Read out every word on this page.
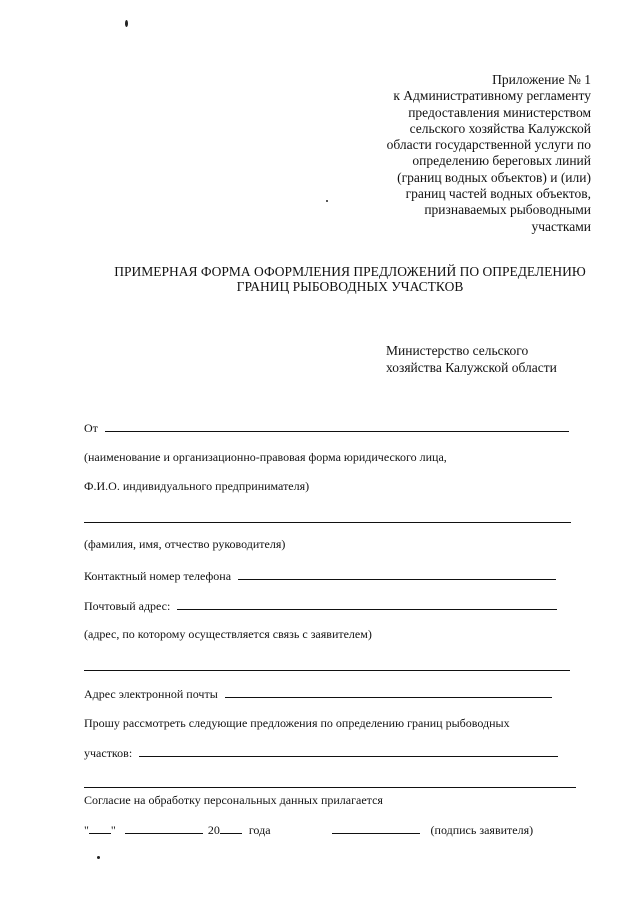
Приложение № 1
к Административному регламенту
предоставления министерством
сельского хозяйства Калужской
области государственной услуги по
определению береговых линий
(границ водных объектов) и (или)
границ частей водных объектов,
признаваемых рыбоводными
участками
ПРИМЕРНАЯ ФОРМА ОФОРМЛЕНИЯ ПРЕДЛОЖЕНИЙ ПО ОПРЕДЕЛЕНИЮ
ГРАНИЦ РЫБОВОДНЫХ УЧАСТКОВ
Министерство сельского
хозяйства Калужской области
От
(наименование и организационно-правовая форма юридического лица,
Ф.И.О. индивидуального предпринимателя)
(фамилия, имя, отчество руководителя)
Контактный номер телефона
Почтовый адрес:
(адрес, по которому осуществляется связь с заявителем)
Адрес электронной почты
Прошу рассмотреть следующие предложения по определению границ рыбоводных
участков:
Согласие на обработку персональных данных прилагается
" "	20 года	(подпись заявителя)
